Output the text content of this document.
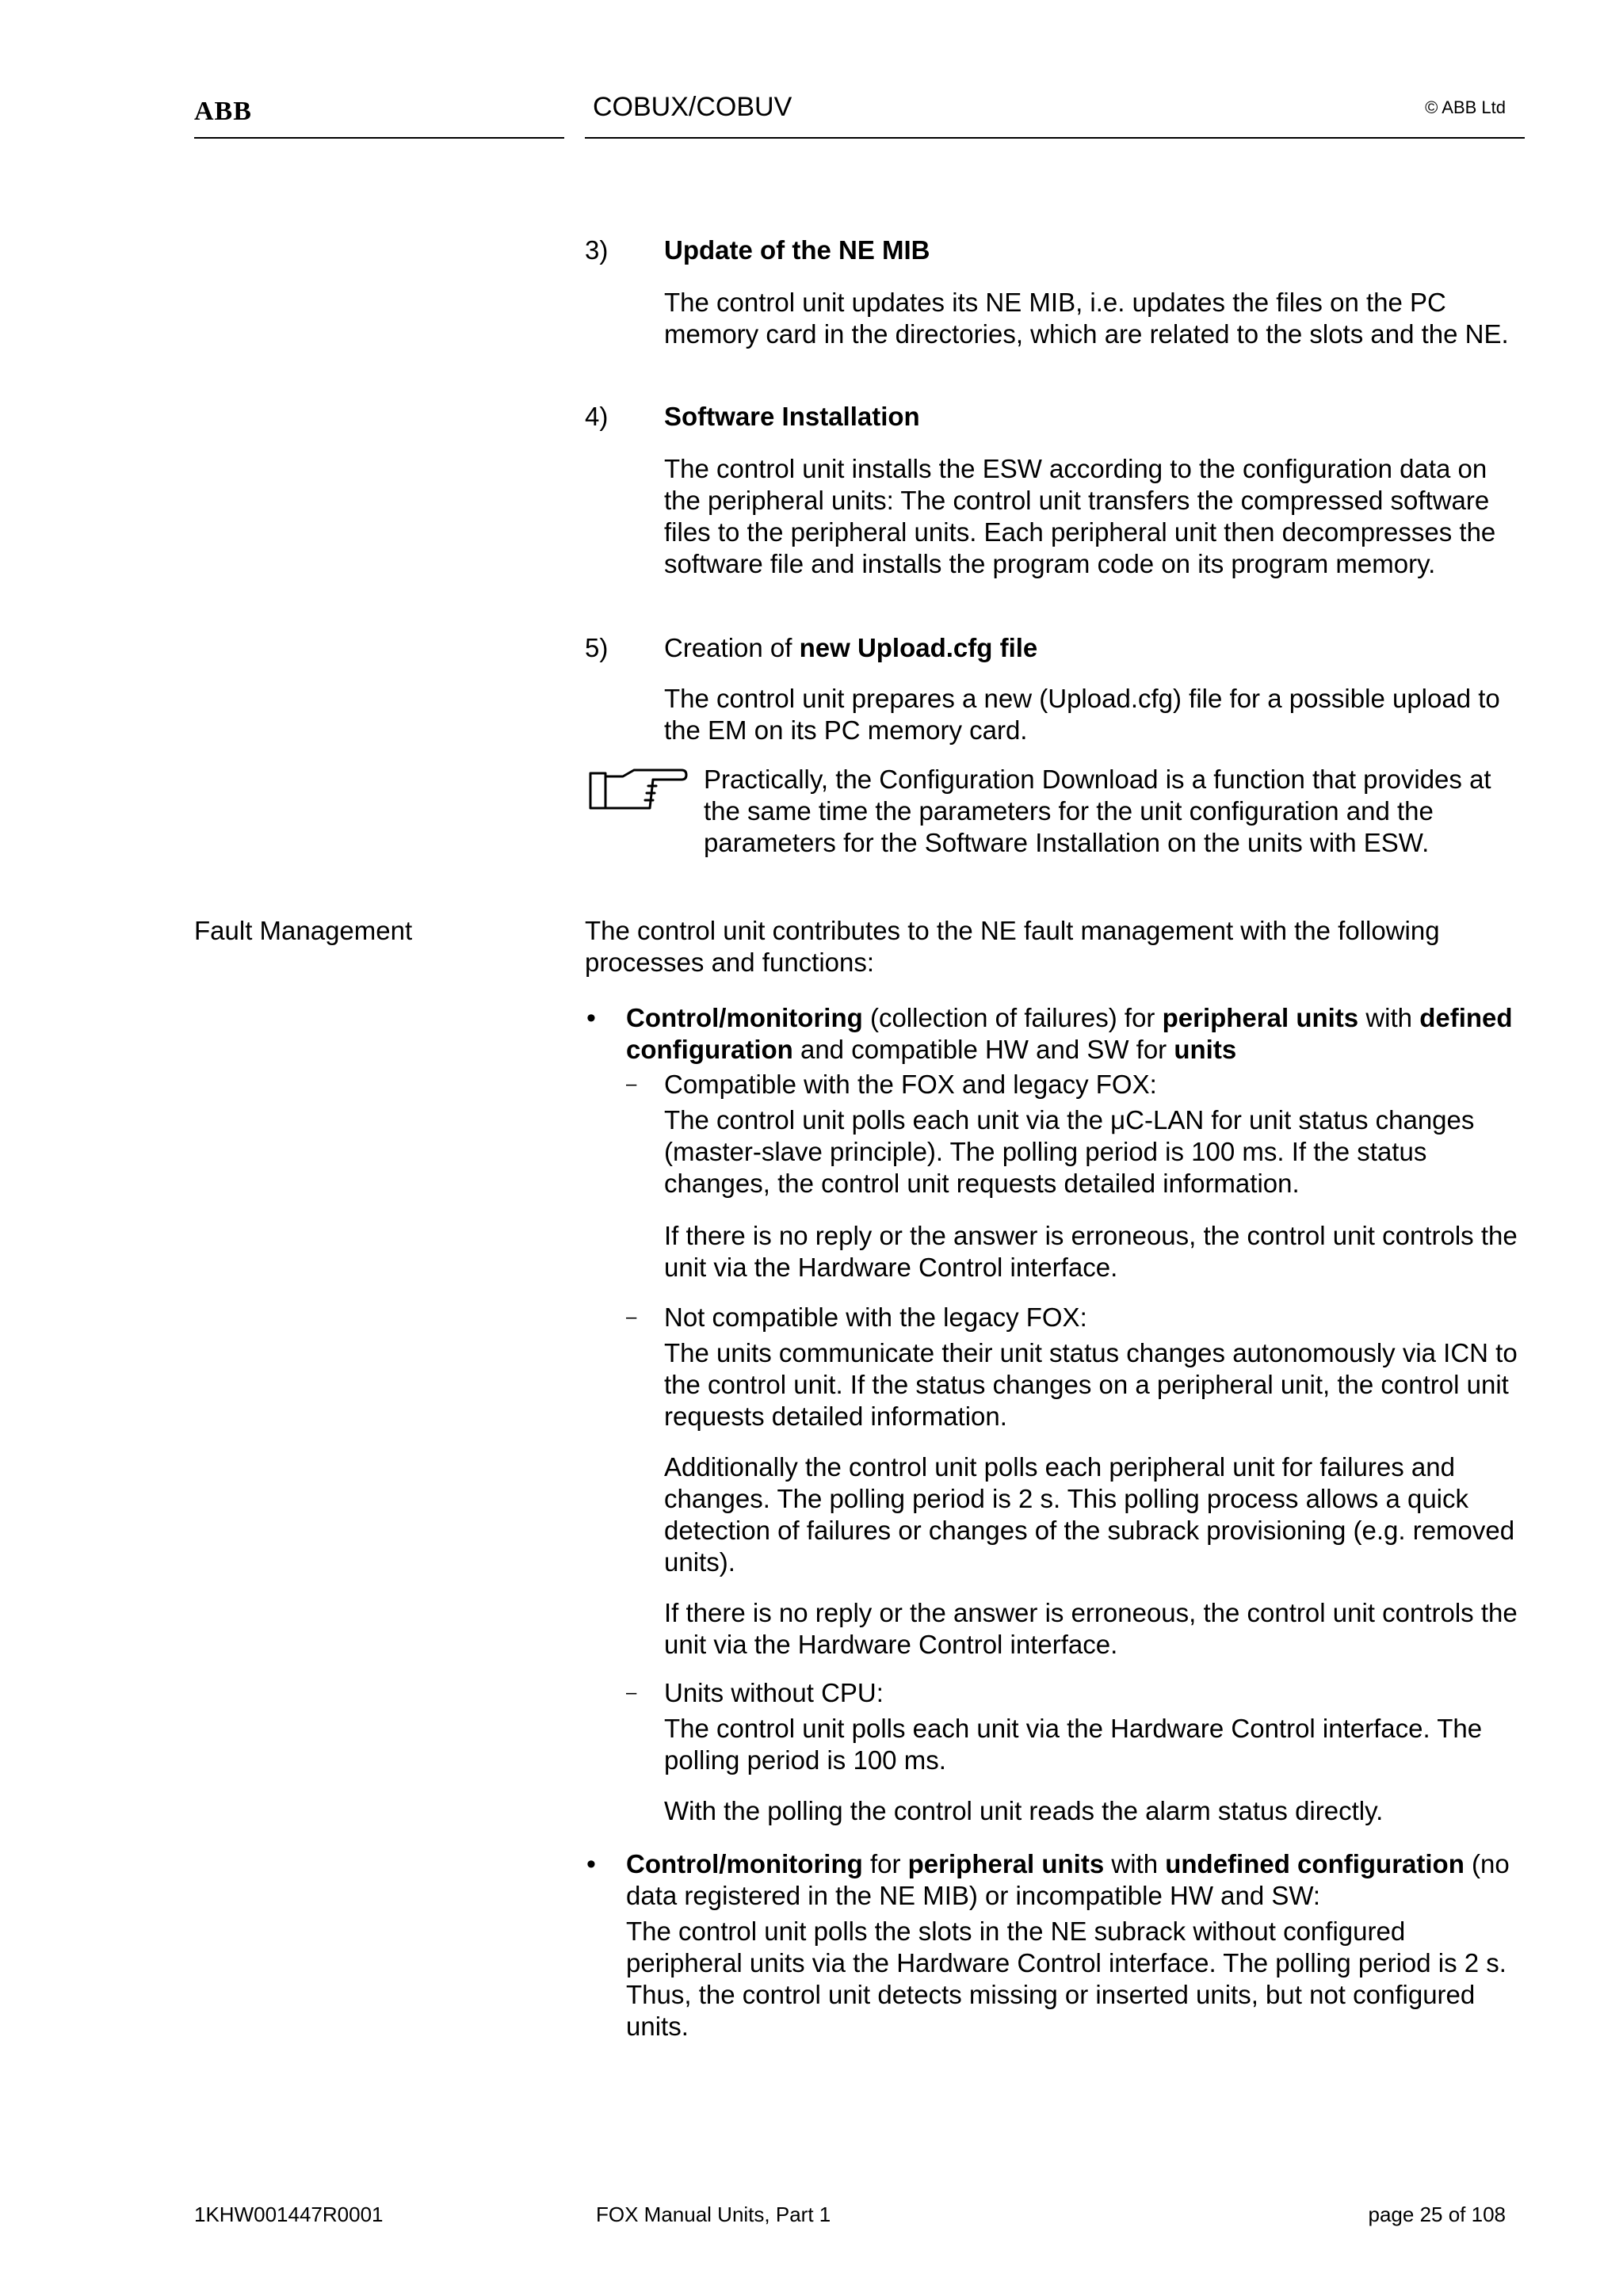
ABB	COBUX/COBUV	© ABB Ltd
3) Update of the NE MIB

The control unit updates its NE MIB, i.e. updates the files on the PC memory card in the directories, which are related to the slots and the NE.

4) Software Installation

The control unit installs the ESW according to the configuration data on the peripheral units: The control unit transfers the compressed software files to the peripheral units. Each peripheral unit then decompresses the software file and installs the program code on its program memory.

5) Creation of new Upload.cfg file

The control unit prepares a new (Upload.cfg) file for a possible upload to the EM on its PC memory card.

Practically, the Configuration Download is a function that provides at the same time the parameters for the unit configuration and the parameters for the Software Installation on the units with ESW.

Fault Management	The control unit contributes to the NE fault management with the following processes and functions:

• Control/monitoring (collection of failures) for peripheral units with defined configuration and compatible HW and SW for units

– Compatible with the FOX and legacy FOX:

The control unit polls each unit via the μC-LAN for unit status changes (master-slave principle). The polling period is 100 ms. If the status changes, the control unit requests detailed information.

If there is no reply or the answer is erroneous, the control unit controls the unit via the Hardware Control interface.

– Not compatible with the legacy FOX:

The units communicate their unit status changes autonomously via ICN to the control unit. If the status changes on a peripheral unit, the control unit requests detailed information.

Additionally the control unit polls each peripheral unit for failures and changes. The polling period is 2 s. This polling process allows a quick detection of failures or changes of the subrack provisioning (e.g. removed units).

If there is no reply or the answer is erroneous, the control unit controls the unit via the Hardware Control interface.

– Units without CPU:

The control unit polls each unit via the Hardware Control interface. The polling period is 100 ms.

With the polling the control unit reads the alarm status directly.

• Control/monitoring for peripheral units with undefined configuration (no data registered in the NE MIB) or incompatible HW and SW:

The control unit polls the slots in the NE subrack without configured peripheral units via the Hardware Control interface. The polling period is 2 s. Thus, the control unit detects missing or inserted units, but not configured units.

1KHW001447R0001	FOX Manual Units, Part 1	page 25 of 108
